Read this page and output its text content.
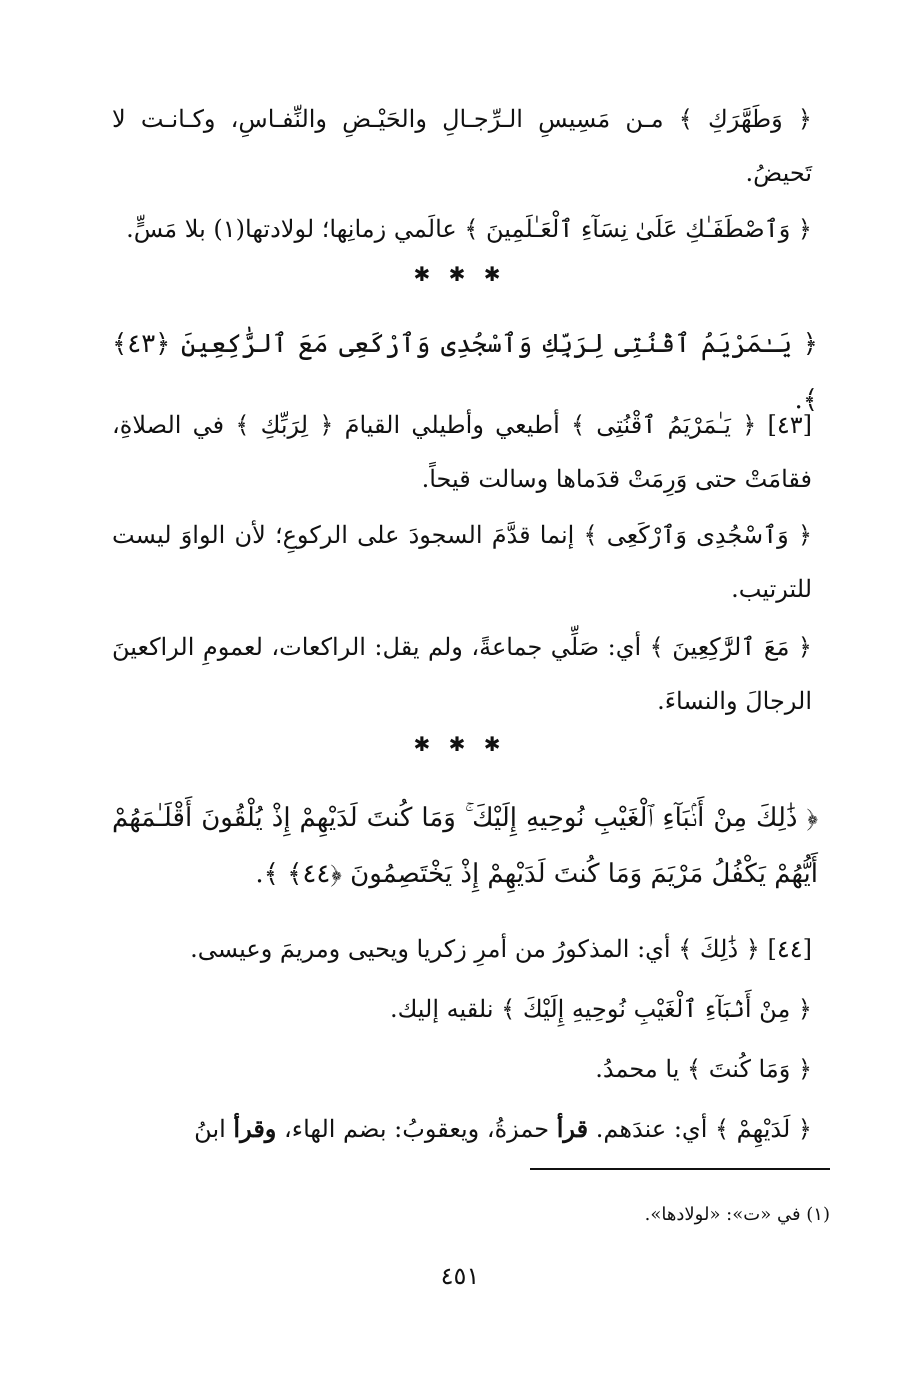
﴿ وَطَهَّرَكِ ﴾ مـن مَسِيسِ الـرِّجـالِ والحَيْـضِ والنِّفـاسِ، وكـانـت لا تَحيضُ.

﴿ وَٱصْطَفَـٰكِ عَلَىٰ نِسَآءِ ٱلْعَـٰلَمِينَ ﴾ عالَمي زمانِها؛ لولادتها(١) بلا مَسٍّ.

✱ ✱ ✱

﴿ يَـٰمَرْيَمُ ٱقْنُتِى لِرَبِّكِ وَٱسْجُدِى وَٱرْكَعِى مَعَ ٱلرَّٰكِعِينَ ﴿٤٣﴾ ﴾.

[٤٣] ﴿ يَـٰمَرْيَمُ ٱقْنُتِى ﴾ أطيعي وأطيلي القيامَ ﴿ لِرَبِّكِ ﴾ في الصلاةِ، فقامَتْ حتى وَرِمَتْ قدَماها وسالت قيحاً.

﴿ وَٱسْجُدِى وَٱرْكَعِى ﴾ إنما قدَّمَ السجودَ على الركوعِ؛ لأن الواوَ ليست للترتيب.

﴿ مَعَ ٱلرَّٰكِعِينَ ﴾ أي: صَلِّي جماعةً، ولم يقل: الراكعات، لعمومِ الراكعينَ الرجالَ والنساءَ.

✱ ✱ ✱

﴿ ذَٰلِكَ مِنْ أَنۢبَآءِ ٱلْغَيْبِ نُوحِيهِ إِلَيْكَ ۚ وَمَا كُنتَ لَدَيْهِمْ إِذْ يُلْقُونَ أَقْلَـٰمَهُمْ أَيُّهُمْ يَكْفُلُ مَرْيَمَ وَمَا كُنتَ لَدَيْهِمْ إِذْ يَخْتَصِمُونَ ﴿٤٤﴾ ﴾.

[٤٤] ﴿ ذَٰلِكَ ﴾ أي: المذكورُ من أمرِ زكريا ويحيى ومريمَ وعيسى.

﴿ مِنْ أَنۢبَآءِ ٱلْغَيْبِ نُوحِيهِ إِلَيْكَ ﴾ نلقيه إليك.

﴿ وَمَا كُنتَ ﴾ يا محمدُ.

﴿ لَدَيْهِمْ ﴾ أي: عندَهم. قرأ حمزةُ، ويعقوبُ: بضم الهاء، وقرأ ابنُ

(١) في «ت»: «لولادها».

٤٥١
